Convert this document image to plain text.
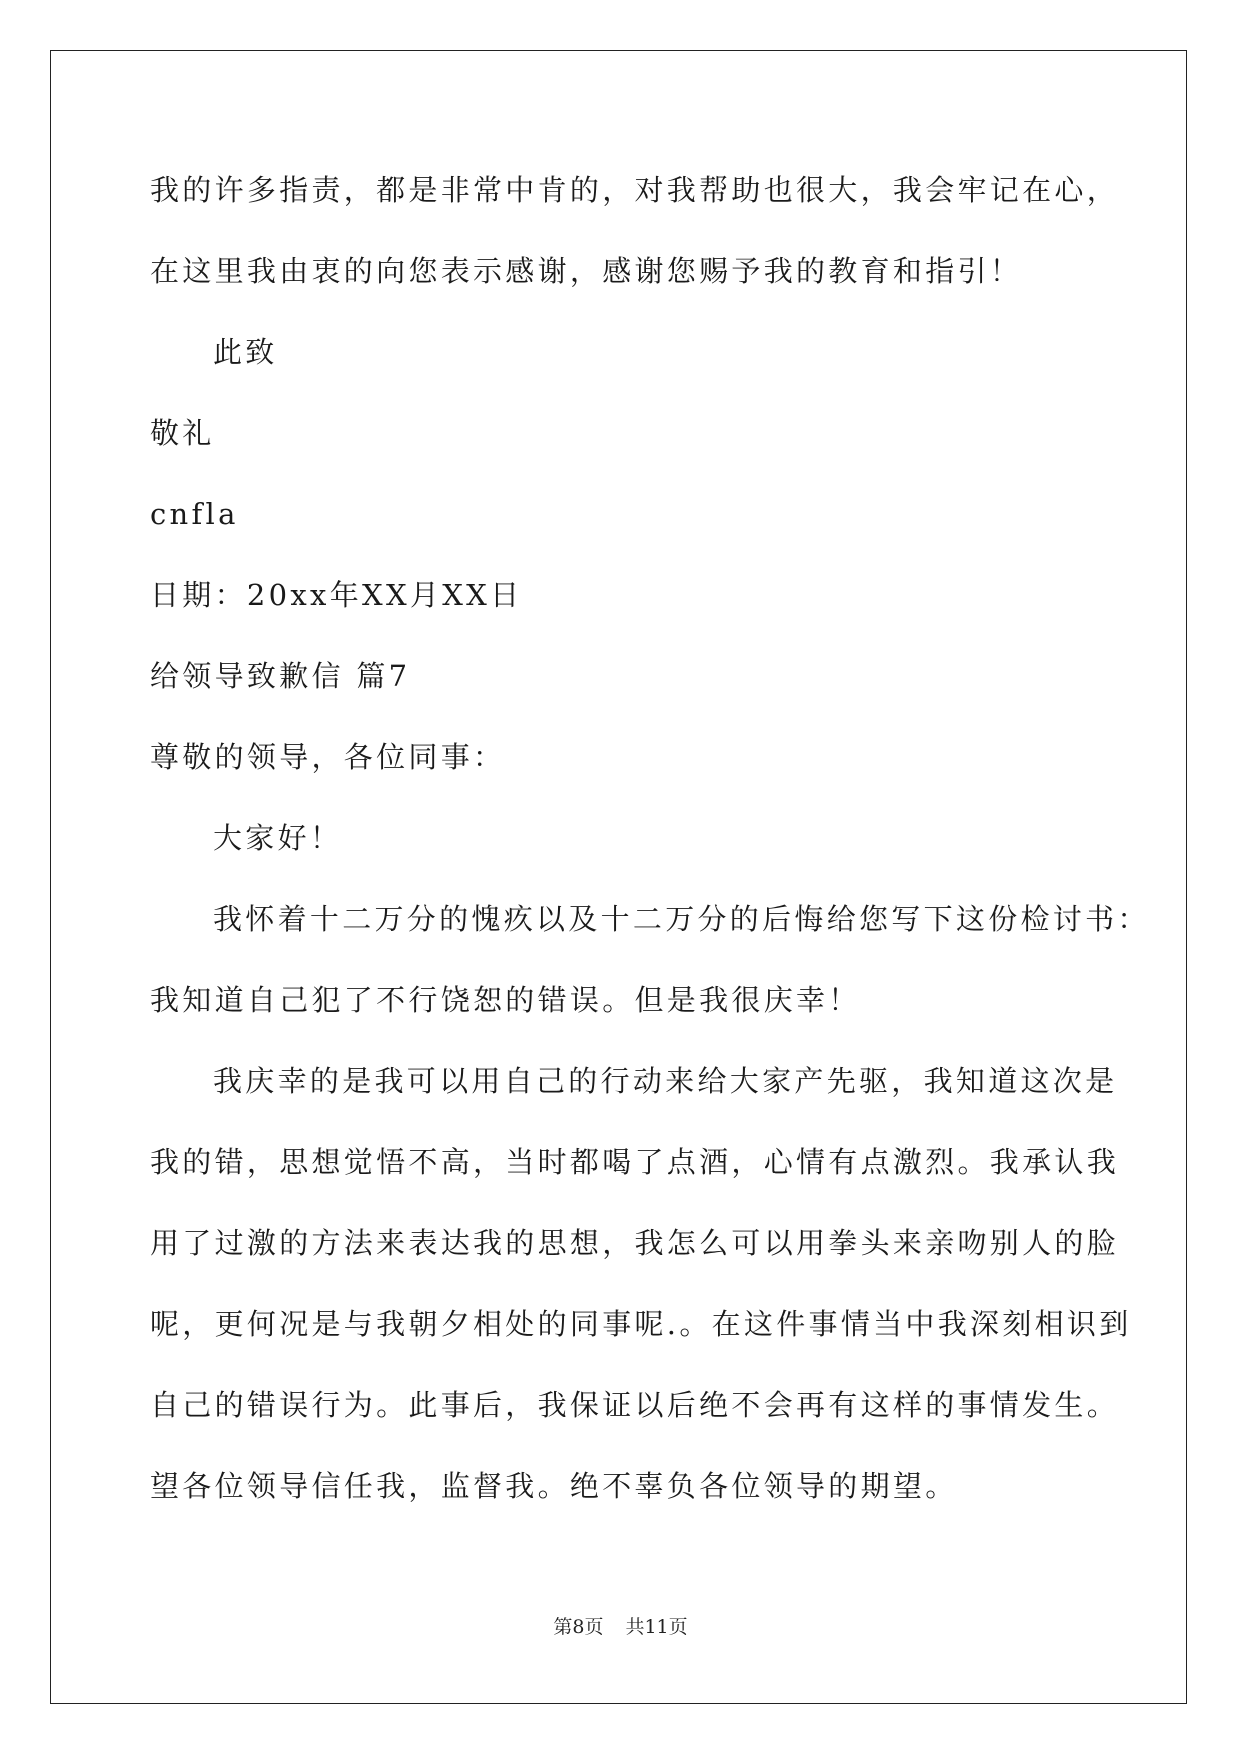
我的许多指责，都是非常中肯的，对我帮助也很大，我会牢记在心，
在这里我由衷的向您表示感谢，感谢您赐予我的教育和指引！
此致
敬礼
cnfla
日期：20xx年XX月XX日
给领导致歉信 篇7
尊敬的领导，各位同事：
大家好！
我怀着十二万分的愧疚以及十二万分的后悔给您写下这份检讨书：
我知道自己犯了不行饶恕的错误。但是我很庆幸！
我庆幸的是我可以用自己的行动来给大家产先驱，我知道这次是
我的错，思想觉悟不高，当时都喝了点酒，心情有点激烈。我承认我
用了过激的方法来表达我的思想，我怎么可以用拳头来亲吻别人的脸
呢，更何况是与我朝夕相处的同事呢.。在这件事情当中我深刻相识到
自己的错误行为。此事后，我保证以后绝不会再有这样的事情发生。
望各位领导信任我，监督我。绝不辜负各位领导的期望。
第8页 共11页
